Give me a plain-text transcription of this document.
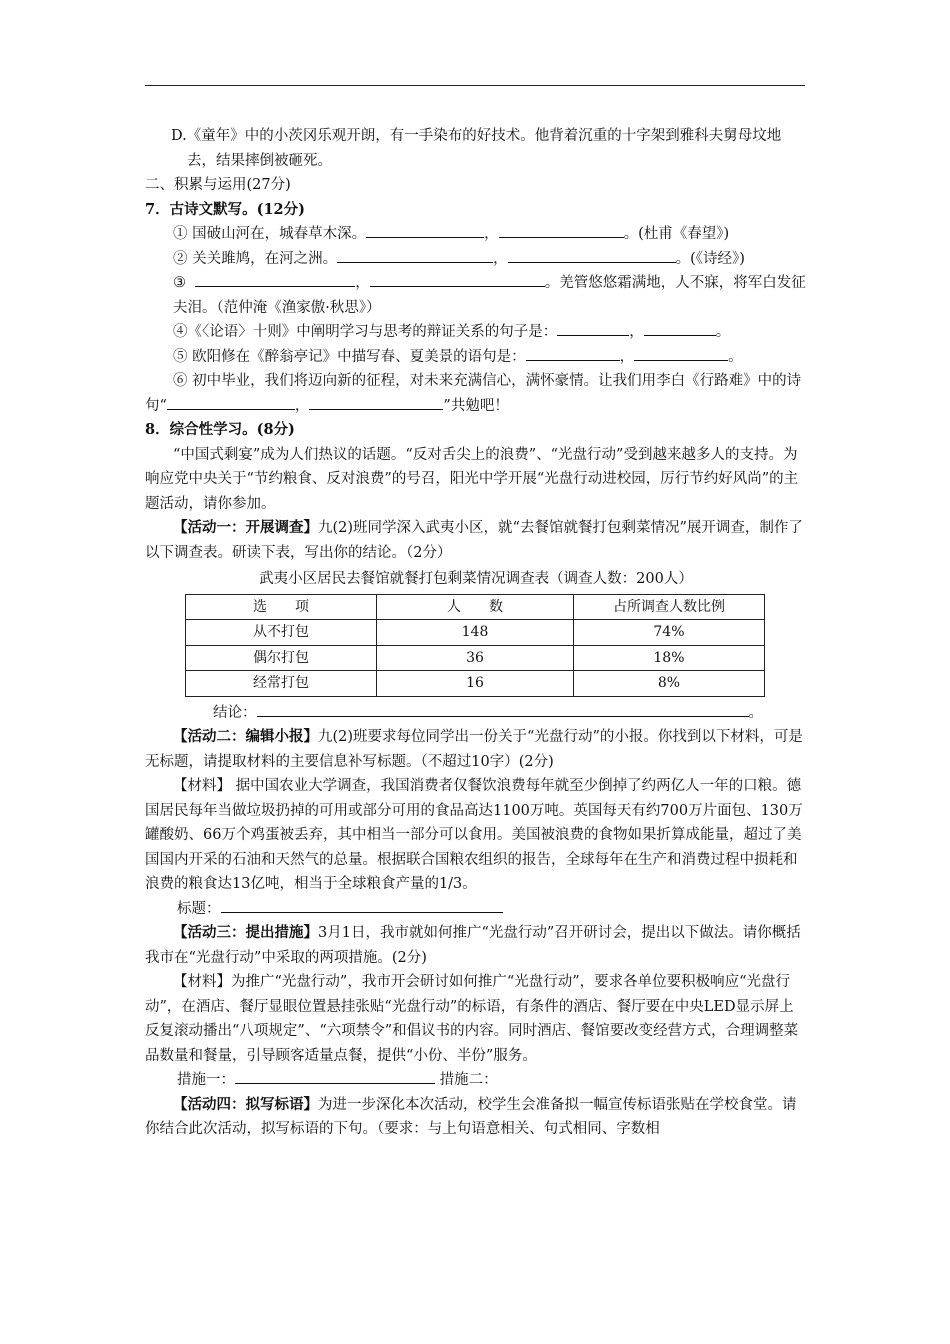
D.《童年》中的小茨冈乐观开朗，有一手染布的好技术。他背着沉重的十字架到雅科夫舅母坟地去，结果摔倒被砸死。

二、积累与运用(27分)

7．古诗文默写。(12分)

① 国破山河在，城春草木深。	，	。(杜甫《春望》)

② 关关雎鸠，在河之洲。	，	。(《诗经》)

③	，	。羌管悠悠霜满地，人不寐，将军白发征夫泪。（范仲淹《渔家傲·秋思》）

④《〈论语〉十则》中阐明学习与思考的辩证关系的句子是：	，	。

⑤ 欧阳修在《醉翁亭记》中描写春、夏美景的语句是：	，	。

⑥ 初中毕业，我们将迈向新的征程，对未来充满信心，满怀豪情。让我们用李白《行路难》中的诗句“	，	”共勉吧！

8．综合性学习。(8分)

“中国式剩宴”成为人们热议的话题。“反对舌尖上的浪费”、“光盘行动”受到越来越多人的支持。为响应党中央关于“节约粮食、反对浪费”的号召，阳光中学开展“光盘行动进校园，厉行节约好风尚”的主题活动，请你参加。

【活动一：开展调查】九(2)班同学深入武夷小区，就“去餐馆就餐打包剩菜情况”展开调查，制作了以下调查表。研读下表，写出你的结论。（2分）

武夷小区居民去餐馆就餐打包剩菜情况调查表（调查人数：200人）

选　　项	人　　数	占所调查人数比例
从不打包	148	74%
偶尔打包	36	18%
经常打包	16	8%

结论：	。

【活动二：编辑小报】九(2)班要求每位同学出一份关于“光盘行动”的小报。你找到以下材料，可是无标题，请提取材料的主要信息补写标题。（不超过10字）(2分)

【材料】 据中国农业大学调查，我国消费者仅餐饮浪费每年就至少倒掉了约两亿人一年的口粮。德国居民每年当做垃圾扔掉的可用或部分可用的食品高达1100万吨。英国每天有约700万片面包、130万罐酸奶、66万个鸡蛋被丢弃，其中相当一部分可以食用。美国被浪费的食物如果折算成能量，超过了美国国内开采的石油和天然气的总量。根据联合国粮农组织的报告，全球每年在生产和消费过程中损耗和浪费的粮食达13亿吨，相当于全球粮食产量的1/3。

标题：

【活动三：提出措施】3月1日，我市就如何推广“光盘行动”召开研讨会，提出以下做法。请你概括我市在“光盘行动”中采取的两项措施。(2分)

【材料】为推广“光盘行动”，我市开会研讨如何推广“光盘行动”，要求各单位要积极响应“光盘行动”，在酒店、餐厅显眼位置悬挂张贴“光盘行动”的标语，有条件的酒店、餐厅要在中央LED显示屏上反复滚动播出“八项规定”、“六项禁令”和倡议书的内容。同时酒店、餐馆要改变经营方式，合理调整菜品数量和餐量，引导顾客适量点餐，提供“小份、半份”服务。

措施一：	措施二：

【活动四：拟写标语】为进一步深化本次活动，校学生会准备拟一幅宣传标语张贴在学校食堂。请你结合此次活动，拟写标语的下句。（要求：与上句语意相关、句式相同、字数相
